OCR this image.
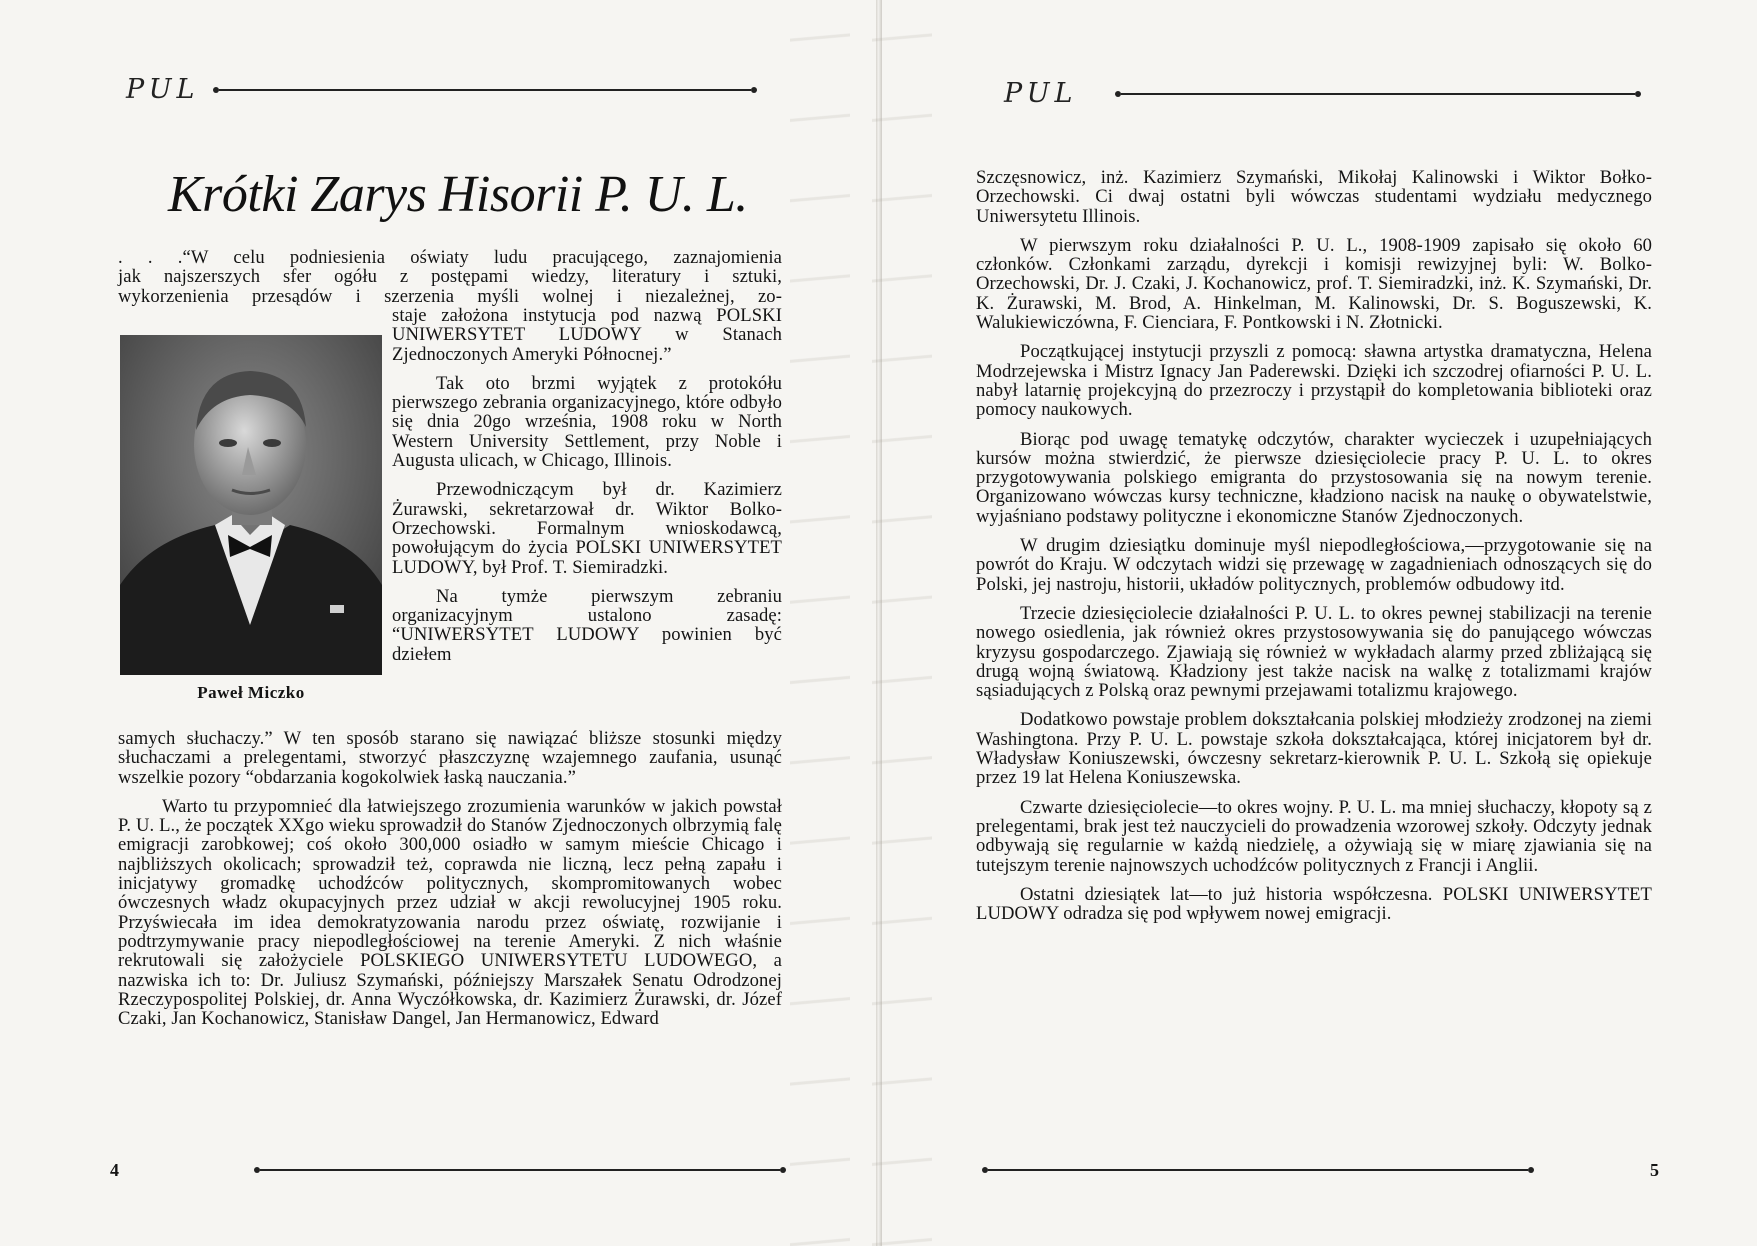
PUL
Krótki Zarys Hisorii P. U. L.
. . .“W celu podniesienia oświaty ludu pracującego, zaznajomienia
jak najszerszych sfer ogółu z postępami wiedzy, literatury i sztuki,
wykorzenienia przesądów i szerzenia myśli wolnej i niezależnej, zo-
Paweł Miczko

staje założona instytucja pod nazwą POLSKI UNIWERSYTET LUDOWY w Stanach Zjednoczonych Ameryki Północnej.”

Tak oto brzmi wyjątek z protokółu pierwszego zebrania organizacyjnego, które odbyło się dnia 20go września, 1908 roku w North Western University Settlement, przy Noble i Augusta ulicach, w Chicago, Illinois.

Przewodniczącym był dr. Kazimierz Żurawski, sekretarzował dr. Wiktor Bolko-Orzechowski. Formalnym wnioskodawcą, powołującym do życia POLSKI UNIWERSYTET LUDOWY, był Prof. T. Siemiradzki.

Na tymże pierwszym zebraniu organizacyjnym ustalono zasadę: “UNIWERSYTET LUDOWY powinien być dziełem

samych słuchaczy.” W ten sposób starano się nawiązać bliższe stosunki między słuchaczami a prelegentami, stworzyć płaszczyznę wzajemnego zaufania, usunąć wszelkie pozory “obdarzania kogokolwiek łaską nauczania.”

Warto tu przypomnieć dla łatwiejszego zrozumienia warunków w jakich powstał P. U. L., że początek XXgo wieku sprowadził do Stanów Zjednoczonych olbrzymią falę emigracji zarobkowej; coś około 300,000 osiadło w samym mieście Chicago i najbliższych okolicach; sprowadził też, coprawda nie liczną, lecz pełną zapału i inicjatywy gromadkę uchodźców politycznych, skompromitowanych wobec ówczesnych władz okupacyjnych przez udział w akcji rewolucyjnej 1905 roku. Przyświecała im idea demokratyzowania narodu przez oświatę, rozwijanie i podtrzymywanie pracy niepodległościowej na terenie Ameryki. Z nich właśnie rekrutowali się założyciele POLSKIEGO UNIWERSYTETU LUDOWEGO, a nazwiska ich to: Dr. Juliusz Szymański, późniejszy Marszałek Senatu Odrodzonej Rzeczypospolitej Polskiej, dr. Anna Wyczółkowska, dr. Kazimierz Żurawski, dr. Józef Czaki, Jan Kochanowicz, Stanisław Dangel, Jan Hermanowicz, Edward

4
PUL

Szczęsnowicz, inż. Kazimierz Szymański, Mikołaj Kalinowski i Wiktor Bołko-Orzechowski. Ci dwaj ostatni byli wówczas studentami wydziału medycznego Uniwersytetu Illinois.

W pierwszym roku działalności P. U. L., 1908-1909 zapisało się około 60 członków. Członkami zarządu, dyrekcji i komisji rewizyjnej byli: W. Bolko-Orzechowski, Dr. J. Czaki, J. Kochanowicz, prof. T. Siemiradzki, inż. K. Szymański, Dr. K. Żurawski, M. Brod, A. Hinkelman, M. Kalinowski, Dr. S. Boguszewski, K. Walukiewiczówna, F. Cienciara, F. Pontkowski i N. Złotnicki.

Początkującej instytucji przyszli z pomocą: sławna artystka dramatyczna, Helena Modrzejewska i Mistrz Ignacy Jan Paderewski. Dzięki ich szczodrej ofiarności P. U. L. nabył latarnię projekcyjną do przezroczy i przystąpił do kompletowania biblioteki oraz pomocy naukowych.

Biorąc pod uwagę tematykę odczytów, charakter wycieczek i uzupełniających kursów można stwierdzić, że pierwsze dziesięciolecie pracy P. U. L. to okres przygotowywania polskiego emigranta do przystosowania się na nowym terenie. Organizowano wówczas kursy techniczne, kładziono nacisk na naukę o obywatelstwie, wyjaśniano podstawy polityczne i ekonomiczne Stanów Zjednoczonych.

W drugim dziesiątku dominuje myśl niepodległościowa,—przygotowanie się na powrót do Kraju. W odczytach widzi się przewagę w zagadnieniach odnoszących się do Polski, jej nastroju, historii, układów politycznych, problemów odbudowy itd.

Trzecie dziesięciolecie działalności P. U. L. to okres pewnej stabilizacji na terenie nowego osiedlenia, jak również okres przystosowywania się do panującego wówczas kryzysu gospodarczego. Zjawiają się również w wykładach alarmy przed zbliżającą się drugą wojną światową. Kładziony jest także nacisk na walkę z totalizmami krajów sąsiadujących z Polską oraz pewnymi przejawami totalizmu krajowego.

Dodatkowo powstaje problem dokształcania polskiej młodzieży zrodzonej na ziemi Washingtona. Przy P. U. L. powstaje szkoła dokształcająca, której inicjatorem był dr. Władysław Koniuszewski, ówczesny sekretarz-kierownik P. U. L. Szkołą się opiekuje przez 19 lat Helena Koniuszewska.

Czwarte dziesięciolecie—to okres wojny. P. U. L. ma mniej słuchaczy, kłopoty są z prelegentami, brak jest też nauczycieli do prowadzenia wzorowej szkoły. Odczyty jednak odbywają się regularnie w każdą niedzielę, a ożywiają się w miarę zjawiania się na tutejszym terenie najnowszych uchodźców politycznych z Francji i Anglii.

Ostatni dziesiątek lat—to już historia współczesna. POLSKI UNIWERSYTET LUDOWY odradza się pod wpływem nowej emigracji.

5
